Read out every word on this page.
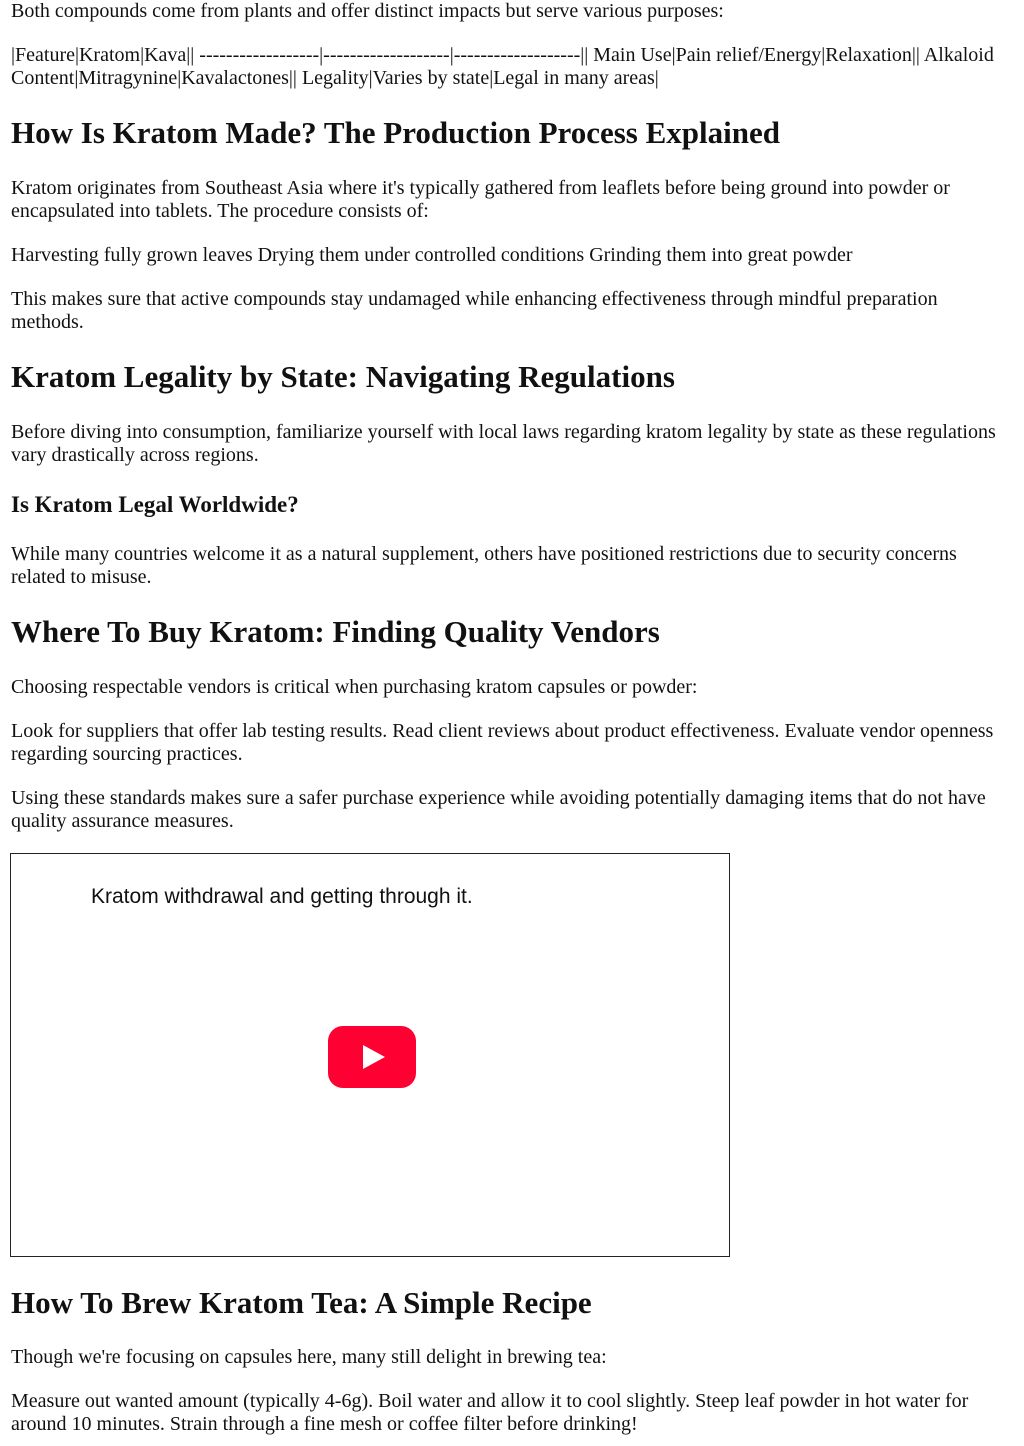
Both compounds come from plants and offer distinct impacts but serve various purposes:

|Feature|Kratom|Kava|| ------------------|-------------------|-------------------|| Main Use|Pain relief/Energy|Relaxation|| Alkaloid Content|Mitragynine|Kavalactones|| Legality|Varies by state|Legal in many areas|

How Is Kratom Made? The Production Process Explained

Kratom originates from Southeast Asia where it's typically gathered from leaflets before being ground into powder or encapsulated into tablets. The procedure consists of:

Harvesting fully grown leaves Drying them under controlled conditions Grinding them into great powder

This makes sure that active compounds stay undamaged while enhancing effectiveness through mindful preparation methods.

Kratom Legality by State: Navigating Regulations

Before diving into consumption, familiarize yourself with local laws regarding kratom legality by state as these regulations vary drastically across regions.

Is Kratom Legal Worldwide?

While many countries welcome it as a natural supplement, others have positioned restrictions due to security concerns related to misuse.

Where To Buy Kratom: Finding Quality Vendors

Choosing respectable vendors is critical when purchasing kratom capsules or powder:

Look for suppliers that offer lab testing results. Read client reviews about product effectiveness. Evaluate vendor openness regarding sourcing practices.

Using these standards makes sure a safer purchase experience while avoiding potentially damaging items that do not have quality assurance measures.

Kratom withdrawal and getting through it.
How To Brew Kratom Tea: A Simple Recipe

Though we're focusing on capsules here, many still delight in brewing tea:

Measure out wanted amount (typically 4-6g). Boil water and allow it to cool slightly. Steep leaf powder in hot water for around 10 minutes. Strain through a fine mesh or coffee filter before drinking!
